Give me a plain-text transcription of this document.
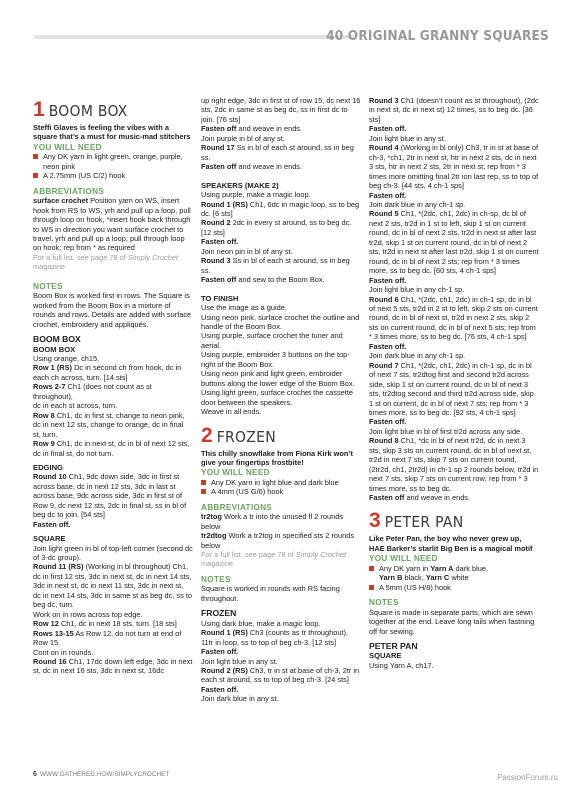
40 ORIGINAL GRANNY SQUARES
1 BOOM BOX

Steffi Glaves is feeling the vibes with a square that’s a must for music-mad stitchers

YOU WILL NEED

Any DK yarn in light green, orange, purple, neon pink
A 2.75mm (US C/2) hook

ABBREVIATIONS

surface crochet Position yarn on WS, insert hook from RS to WS, yrh and pull up a loop, pull through loop on hook, *insert hook back through to WS in direction you want surface crochet to travel, yrh and pull up a loop, pull through loop on hook; rep from * as required

For a full list, see page 78 of Simply Crochet magazine

NOTES

Boom Box is worked first in rows. The Square is worked from the Boom Box in a mixture of rounds and rows. Details are added with surface crochet, embroidery and appliqués.

BOOM BOX

BOOM BOX

Using orange, ch15.

Row 1 (RS) Dc in second ch from hook, dc in each ch across, turn. [14 sts]

Rows 2-7 Ch1 (does not count as st throughout),

dc in each st across, turn.

Row 8 Ch1, dc in first st, change to neon pink, dc in next 12 sts, change to orange, dc in final st, turn.

Row 9 Ch1, dc in next st, dc in bl of next 12 sts, dc in final st, do not turn.

EDGING

Round 10 Ch1, 9dc down side, 3dc in first st across base, dc in next 12 sts, 3dc in last st across base, 9dc across side, 3dc in first st of Row 9, dc next 12 sts, 2dc in final st, ss in bl of beg dc to join. [54 sts]

Fasten off.

SQUARE

Join light green in bl of top-left corner (second dc of 3-dc group).

Round 11 (RS) (Working in bl throughout) Ch1, dc in first 12 sts, 3dc in next st, dc in next 14 sts, 3dc in next st, dc in next 11 sts, 3dc in next st, dc in next 14 sts, 3dc in same st as beg dc, ss to beg dc, turn.

Work on in rows across top edge.

Row 12 Ch1, dc in next 18 sts, turn. [18 sts]

Rows 13-15 As Row 12, do not turn at end of Row 15.

Cont on in rounds.

Round 16 Ch1, 17dc down left edge, 3dc in next st, dc in next 16 sts, 3dc in next st, 16dc

up right edge, 3dc in first st of row 15, dc next 16 sts, 2dc in same st as beg dc, ss in first dc to join. [76 sts]

Fasten off and weave in ends.

Join purple in bl of any st.

Round 17 Ss in bl of each st around, ss in beg ss.

Fasten off and weave in ends.

SPEAKERS (MAKE 2)

Using purple, make a magic loop.

Round 1 (RS) Ch1, 6dc in magic loop, ss to beg dc. [6 sts]

Round 2 2dc in every st around, ss to beg dc. [12 sts]

Fasten off.

Join neon pin in bl of any st.

Round 3 Ss in bl of each st around, ss in beg ss.

Fasten off and sew to the Boom Box.

TO FINISH

Use the image as a guide.

Using neon pink, surface crochet the outline and handle of the Boom Box.

Using purple, surface crochet the tuner and aerial.

Using purple, embroider 3 buttons on the top-right of the Boom Box.

Using neon pink and light green, embroider buttons along the lower edge of the Boom Box.

Using light green, surface crochet the cassette door between the speakers.

Weave in all ends.

2 FROZEN

This chilly snowflake from Fiona Kirk won’t give your fingertips frostbite!

YOU WILL NEED

Any DK yarn in light blue and dark blue
A 4mm (US G/6) hook

ABBREVIATIONS

tr2tog Work a tr into the unused fl 2 rounds below

tr2dtog Work a tr2tog in specified sts 2 rounds below

For a full list, see page 78 of Simply Crochet magazine

NOTES

Square is worked in rounds with RS facing throughout.

FROZEN

Using dark blue, make a magic loop.

Round 1 (RS) Ch3 (counts as tr throughout), 11tr in loop, ss to top of beg ch-3. [12 sts]

Fasten off.

Join light blue in any st.

Round 2 (RS) Ch3, tr in st at base of ch-3, 2tr in each st around, ss to top of beg ch-3. [24 sts]

Fasten off.

Join dark blue in any st.

Round 3 Ch1 (doesn’t count as st throughout), (2dc in next st, dc in next st) 12 times, ss to beg dc. [36 sts]

Fasten off.

Join light blue in any st.

Round 4 (Working in bl only) Ch3, tr in st at base of ch-3, *ch1, 2tr in next st, htr in next 2 sts, dc in next 3 sts, htr in next 2 sts, 2tr in next st; rep from * 3 times more omitting final 2tr ion last rep, ss to top of beg ch-3. [44 sts, 4 ch-1 sps]

Fasten off.

Join dark blue in any ch-1 sp.

Round 5 Ch1, *(2dc, ch1, 2dc) in ch-sp, dc bl of next 2 sts, tr2d in 1 st to left, skip 1 st on current round, dc in bl of next 2 sts, tr2d in next st after last tr2d, skip 1 st on current round, dc in bl of next 2 sts, tr2d in next st after last tr2d, skip 1 st on current round, dc in bl of next 2 sts; rep from * 3 times more, ss to beg dc. [60 sts, 4 ch-1 sps]

Fasten off.

Join light blue in any ch-1 sp.

Round 6 Ch1, *(2dc, ch1, 2dc) in ch-1 sp, dc in bl of next 5 sts, tr2d in 2 st to left, skip 2 sts on current round, dc in bl of next st, tr2d in next 2 sts, skip 2 sts on current round, dc in bl of next 5 sts; rep from * 3 times more, ss to beg dc. [76 sts, 4 ch-1 sps]

Fasten off.

Join dark blue in any ch-1 sp.

Round 7 Ch1, *(2dc, ch1, 2dc) in ch-1 sp, dc in bl of next 7 sts, tr2dtog first and second tr2d across side, skip 1 st on current round, dc in bl of next 3 sts, tr2dtog second and third tr2d across side, skip 1 st on current, dc in bl of next 7 sts; rep from * 3 times more, ss to beg dc. [92 sts, 4 ch-1 sps]

Fasten off.

Join light blue in bl of first tr2d across any side.

Round 8 Ch1, *dc in bl of next tr2d, dc in next 3 sts, skip 3 sts on current round, dc in bl of next st, tr2d in next 7 sts, skip 7 sts on current round, (2tr2d, ch1, 2tr2d) in ch-1 sp 2 rounds below, tr2d in next 7 sts, skip 7 sts on current row; rep from * 3 times more, ss to beg dc.

Fasten off and weave in ends.

3 PETER PAN

Like Peter Pan, the boy who never grew up, HAE Barker’s starlit Big Ben is a magical motif

YOU WILL NEED

Any DK yarn in Yarn A dark blue,
Yarn B black, Yarn C white
A 5mm (US H/8) hook

NOTES

Square is made in separate parts, which are sewn together at the end. Leave long tails when fastning off for sewing.

PETER PAN

SQUARE

Using Yarn A, ch17.

6 WWW.GATHERED.HOW/SIMPLYCROCHET	PassionForum.ru
